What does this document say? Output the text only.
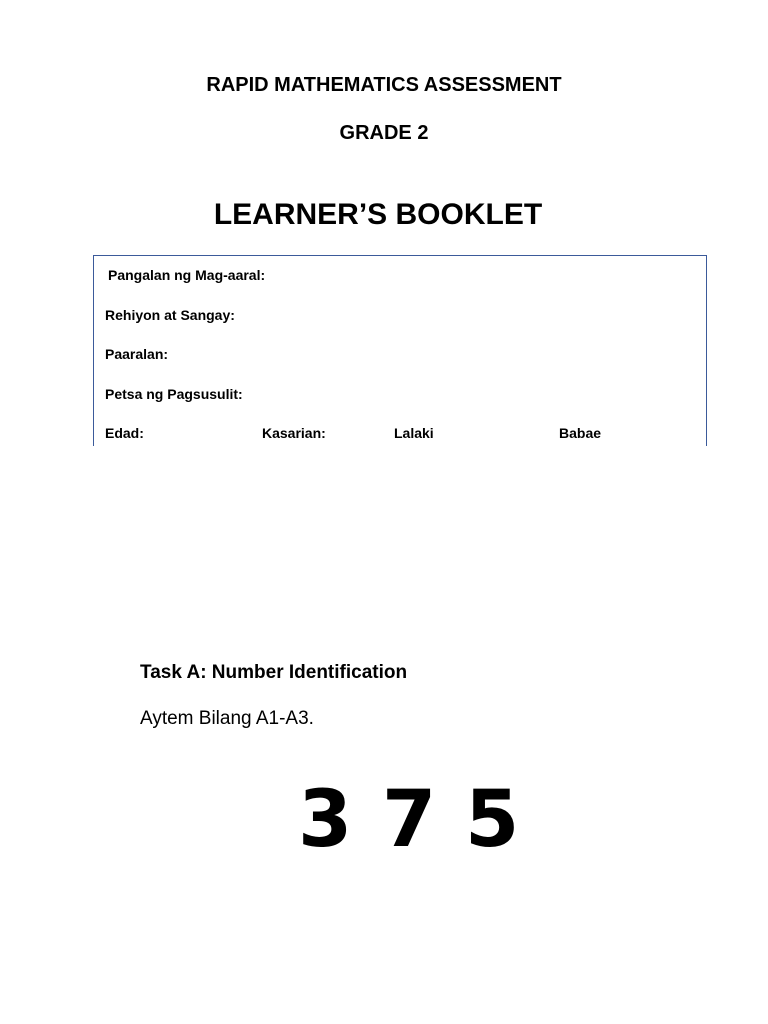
RAPID MATHEMATICS ASSESSMENT
GRADE 2
LEARNER’S BOOKLET
Pangalan ng Mag-aaral:
Rehiyon at Sangay:
Paaralan:
Petsa ng Pagsusulit:
Edad:	Kasarian:	Lalaki	Babae
Task A: Number Identification
Aytem Bilang A1-A3.
3 7 5
